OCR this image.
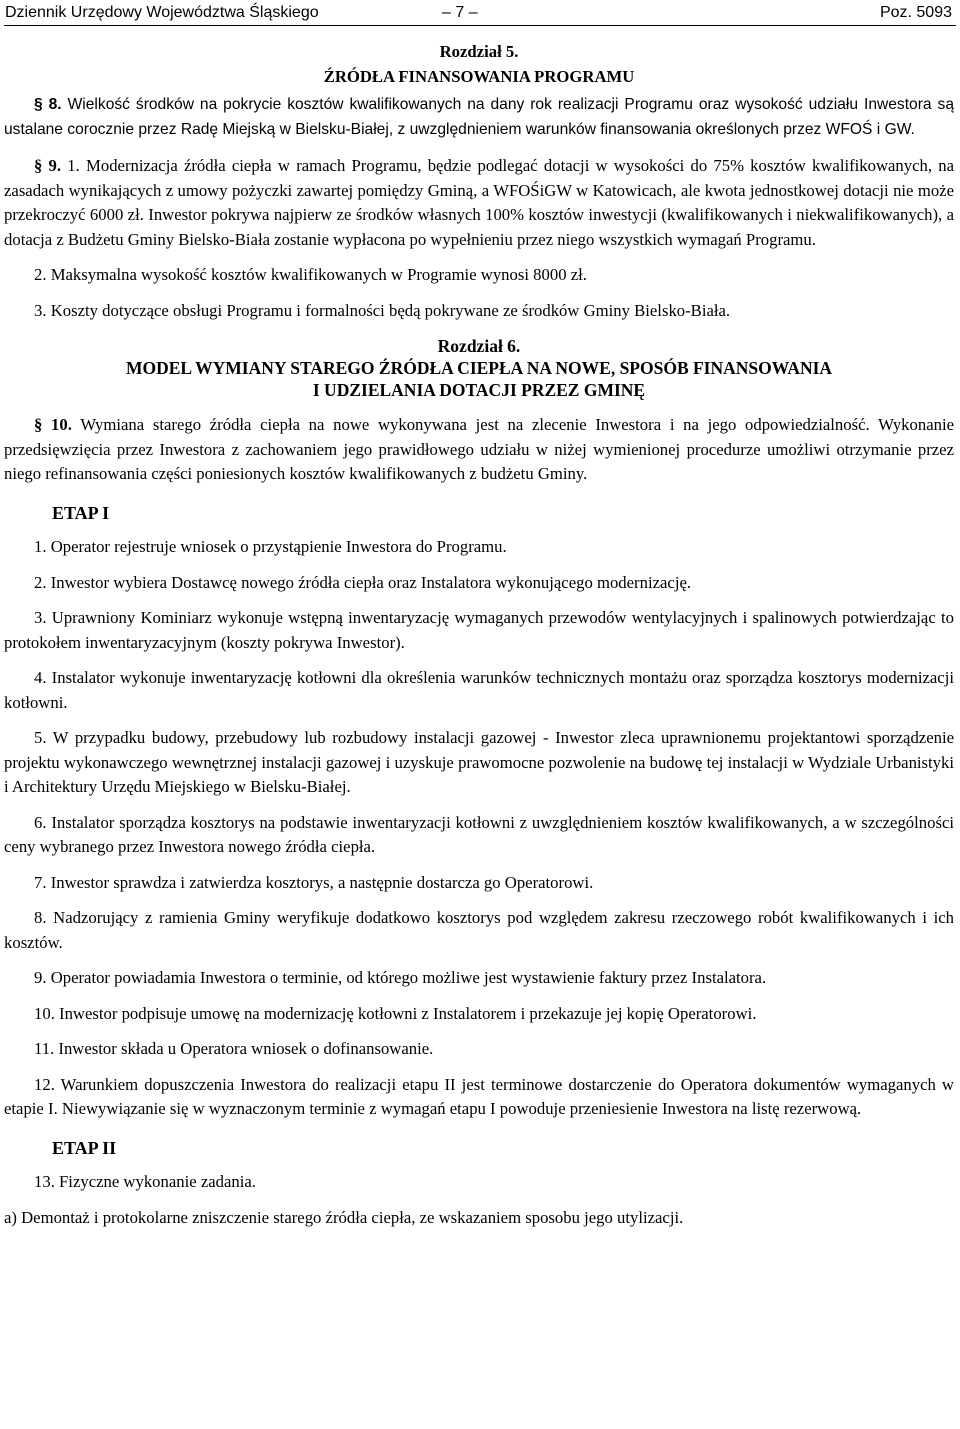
Dziennik Urzędowy Województwa Śląskiego	– 7 –	Poz. 5093
Rozdział 5.
ŹRÓDŁA FINANSOWANIA PROGRAMU

§ 8. Wielkość środków na pokrycie kosztów kwalifikowanych na dany rok realizacji Programu oraz wysokość udziału Inwestora są ustalane corocznie przez Radę Miejską w Bielsku-Białej, z uwzględnieniem warunków finansowania określonych przez WFOŚ i GW.

§ 9. 1. Modernizacja źródła ciepła w ramach Programu, będzie podlegać dotacji w wysokości do 75% kosztów kwalifikowanych, na zasadach wynikających z umowy pożyczki zawartej pomiędzy Gminą, a WFOŚiGW w Katowicach, ale kwota jednostkowej dotacji nie może przekroczyć 6000 zł. Inwestor pokrywa najpierw ze środków własnych 100% kosztów inwestycji (kwalifikowanych i niekwalifikowanych), a dotacja z Budżetu Gminy Bielsko-Biała zostanie wypłacona po wypełnieniu przez niego wszystkich wymagań Programu.

2. Maksymalna wysokość kosztów kwalifikowanych w Programie wynosi 8000 zł.

3. Koszty dotyczące obsługi Programu i formalności będą pokrywane ze środków Gminy Bielsko-Biała.

Rozdział 6.
MODEL WYMIANY STAREGO ŹRÓDŁA CIEPŁA NA NOWE, SPOSÓB FINANSOWANIA
I UDZIELANIA DOTACJI PRZEZ GMINĘ

§ 10. Wymiana starego źródła ciepła na nowe wykonywana jest na zlecenie Inwestora i na jego odpowiedzialność. Wykonanie przedsięwzięcia przez Inwestora z zachowaniem jego prawidłowego udziału w niżej wymienionej procedurze umożliwi otrzymanie przez niego refinansowania części poniesionych kosztów kwalifikowanych z budżetu Gminy.

ETAP I

1. Operator rejestruje wniosek o przystąpienie Inwestora do Programu.

2. Inwestor wybiera Dostawcę nowego źródła ciepła oraz Instalatora wykonującego modernizację.

3. Uprawniony Kominiarz wykonuje wstępną inwentaryzację wymaganych przewodów wentylacyjnych i spalinowych potwierdzając to protokołem inwentaryzacyjnym (koszty pokrywa Inwestor).

4. Instalator wykonuje inwentaryzację kotłowni dla określenia warunków technicznych montażu oraz sporządza kosztorys modernizacji kotłowni.

5. W przypadku budowy, przebudowy lub rozbudowy instalacji gazowej - Inwestor zleca uprawnionemu projektantowi sporządzenie projektu wykonawczego wewnętrznej instalacji gazowej i uzyskuje prawomocne pozwolenie na budowę tej instalacji w Wydziale Urbanistyki i Architektury Urzędu Miejskiego w Bielsku-Białej.

6. Instalator sporządza kosztorys na podstawie inwentaryzacji kotłowni z uwzględnieniem kosztów kwalifikowanych, a w szczególności ceny wybranego przez Inwestora nowego źródła ciepła.

7. Inwestor sprawdza i zatwierdza kosztorys, a następnie dostarcza go Operatorowi.

8. Nadzorujący z ramienia Gminy weryfikuje dodatkowo kosztorys pod względem zakresu rzeczowego robót kwalifikowanych i ich kosztów.

9. Operator powiadamia Inwestora o terminie, od którego możliwe jest wystawienie faktury przez Instalatora.

10. Inwestor podpisuje umowę na modernizację kotłowni z Instalatorem i przekazuje jej kopię Operatorowi.

11. Inwestor składa u Operatora wniosek o dofinansowanie.

12. Warunkiem dopuszczenia Inwestora do realizacji etapu II jest terminowe dostarczenie do Operatora dokumentów wymaganych w etapie I. Niewywiązanie się w wyznaczonym terminie z wymagań etapu I powoduje przeniesienie Inwestora na listę rezerwową.

ETAP II

13. Fizyczne wykonanie zadania.

a) Demontaż i protokolarne zniszczenie starego źródła ciepła, ze wskazaniem sposobu jego utylizacji.
